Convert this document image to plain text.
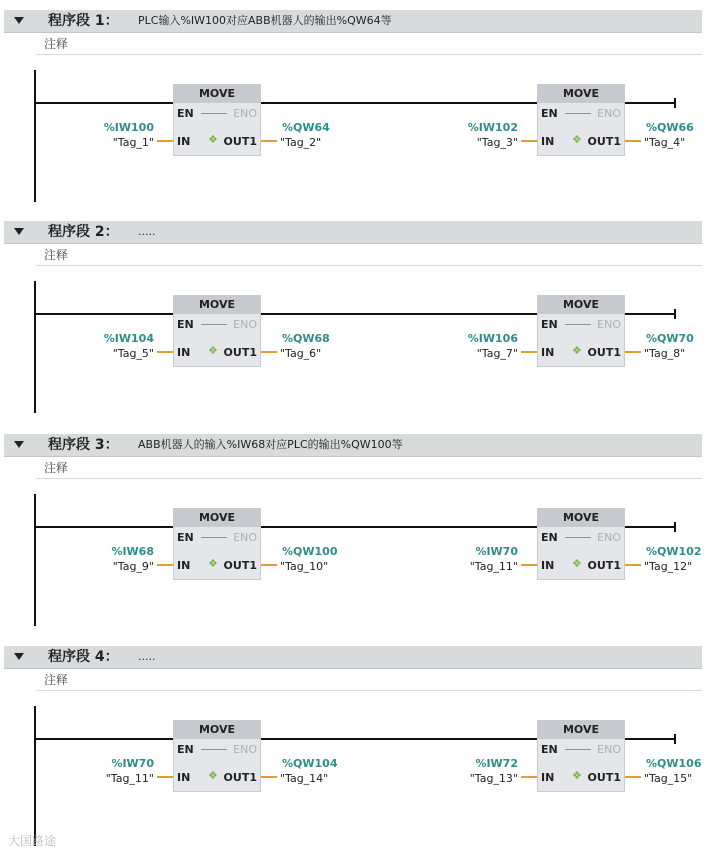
程序段 1： PLC输入%IW100对应ABB机器人的输出%QW64等
注释
MOVE
EN	ENO
IN ❖ OUT1
%IW100
"Tag_1"
%QW64
"Tag_2"
MOVE
EN	ENO
IN ❖ OUT1
%IW102
"Tag_3"
%QW66
"Tag_4"
程序段 2： .....
注释
MOVE
EN	ENO
IN ❖ OUT1
%IW104
"Tag_5"
%QW68
"Tag_6"
MOVE
EN	ENO
IN ❖ OUT1
%IW106
"Tag_7"
%QW70
"Tag_8"
程序段 3： ABB机器人的输入%IW68对应PLC的输出%QW100等
注释
MOVE
EN	ENO
IN ❖ OUT1
%IW68
"Tag_9"
%QW100
"Tag_10"
MOVE
EN	ENO
IN ❖ OUT1
%IW70
"Tag_11"
%QW102
"Tag_12"
程序段 4： .....
注释
MOVE
EN	ENO
IN ❖ OUT1
%IW70
"Tag_11"
%QW104
"Tag_14"
MOVE
EN	ENO
IN ❖ OUT1
%IW72
"Tag_13"
%QW106
"Tag_15"
大国路途
